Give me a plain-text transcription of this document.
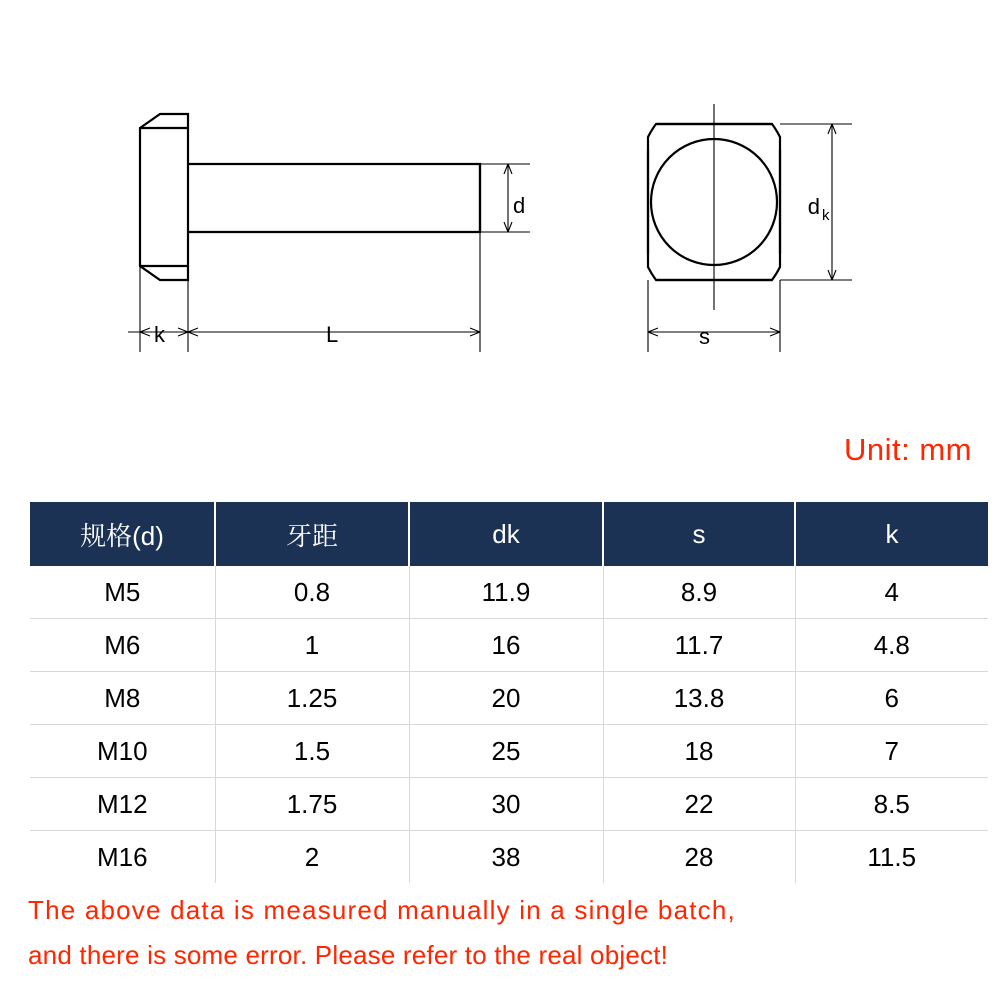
d
k	L
d k
s
Unit: mm
规格(d)	牙距	dk	s	k
M5	0.8	11.9	8.9	4
M6	1	16	11.7	4.8
M8	1.25	20	13.8	6
M10	1.5	25	18	7
M12	1.75	30	22	8.5
M16	2	38	28	11.5
The above data is measured manually in a single batch,
and there is some error. Please refer to the real object!
